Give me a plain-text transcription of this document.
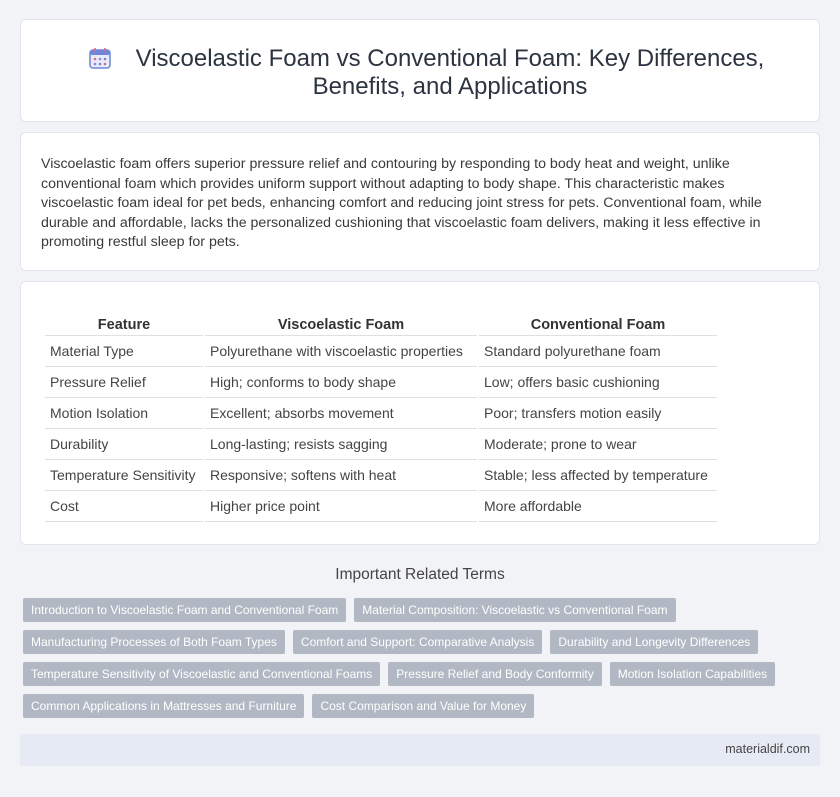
Viscoelastic Foam vs Conventional Foam: Key Differences, Benefits, and Applications

Viscoelastic foam offers superior pressure relief and contouring by responding to body heat and weight, unlike conventional foam which provides uniform support without adapting to body shape. This characteristic makes viscoelastic foam ideal for pet beds, enhancing comfort and reducing joint stress for pets. Conventional foam, while durable and affordable, lacks the personalized cushioning that viscoelastic foam delivers, making it less effective in promoting restful sleep for pets.

Feature	Viscoelastic Foam	Conventional Foam
Material Type	Polyurethane with viscoelastic properties	Standard polyurethane foam
Pressure Relief	High; conforms to body shape	Low; offers basic cushioning
Motion Isolation	Excellent; absorbs movement	Poor; transfers motion easily
Durability	Long-lasting; resists sagging	Moderate; prone to wear
Temperature Sensitivity	Responsive; softens with heat	Stable; less affected by temperature
Cost	Higher price point	More affordable
Important Related Terms
Introduction to Viscoelastic Foam and Conventional Foam	Material Composition: Viscoelastic vs Conventional Foam
Manufacturing Processes of Both Foam Types	Comfort and Support: Comparative Analysis	Durability and Longevity Differences
Temperature Sensitivity of Viscoelastic and Conventional Foams	Pressure Relief and Body Conformity	Motion Isolation Capabilities
Common Applications in Mattresses and Furniture	Cost Comparison and Value for Money
materialdif.com
